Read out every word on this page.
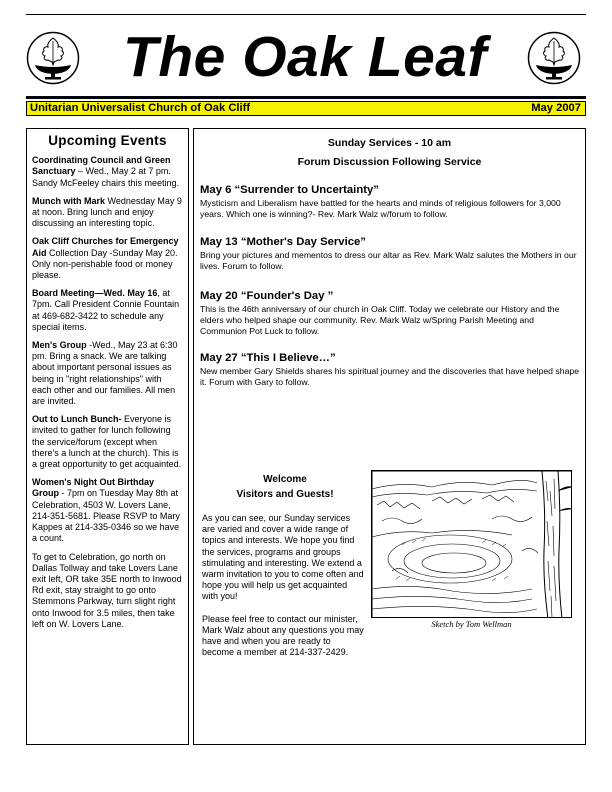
The Oak Leaf
Unitarian Universalist Church of Oak Cliff	May 2007
Upcoming Events
Coordinating Council and Green Sanctuary – Wed., May 2 at 7 pm. Sandy McFeeley chairs this meeting.
Munch with Mark Wednesday May 9 at noon. Bring lunch and enjoy discussing an interesting topic.
Oak Cliff Churches for Emergency Aid Collection Day -Sunday May 20. Only non-perishable food or money please.
Board Meeting—Wed. May 16, at 7pm. Call President Connie Fountain at 469-682-3422 to schedule any special items.
Men's Group -Wed., May 23 at 6:30 pm. Bring a snack. We are talking about important personal issues as being in "right relationships" with each other and our families. All men are invited.
Out to Lunch Bunch- Everyone is invited to gather for lunch following the service/forum (except when there's a lunch at the church). This is a great opportunity to get acquainted.
Women's Night Out Birthday Group - 7pm on Tuesday May 8th at Celebration, 4503 W. Lovers Lane, 214-351-5681. Please RSVP to Mary Kappes at 214-335-0346 so we have a count.
To get to Celebration, go north on Dallas Tollway and take Lovers Lane exit left, OR take 35E north to Inwood Rd exit, stay straight to go onto Stemmons Parkway, turn slight right onto Inwood for 3.5 miles, then take left on W. Lovers Lane.
Sunday Services - 10 am
Forum Discussion Following Service
May 6 “Surrender to Uncertainty”
Mysticism and Liberalism have battled for the hearts and minds of religious followers for 3,000 years. Which one is winning?- Rev. Mark Walz w/forum to follow.
May 13 “Mother's Day Service”
Bring your pictures and mementos to dress our altar as Rev. Mark Walz salutes the Mothers in our lives. Forum to follow.
May 20 “Founder's Day ”
This is the 46th anniversary of our church in Oak Cliff. Today we celebrate our History and the elders who helped shape our community. Rev. Mark Walz w/Spring Parish Meeting and Communion Pot Luck to follow.
May 27 “This I Believe…”
New member Gary Shields shares his spiritual journey and the discoveries that have helped shape it. Forum with Gary to follow.
Welcome
Visitors and Guests!

As you can see, our Sunday services are varied and cover a wide range of topics and interests. We hope you find the services, programs and groups stimulating and interesting. We extend a warm invitation to you to come often and hope you will help us get acquainted with you!

Please feel free to contact our minister, Mark Walz about any questions you may have and when you are ready to become a member at 214-337-2429.

Sketch by Tom Wellman
